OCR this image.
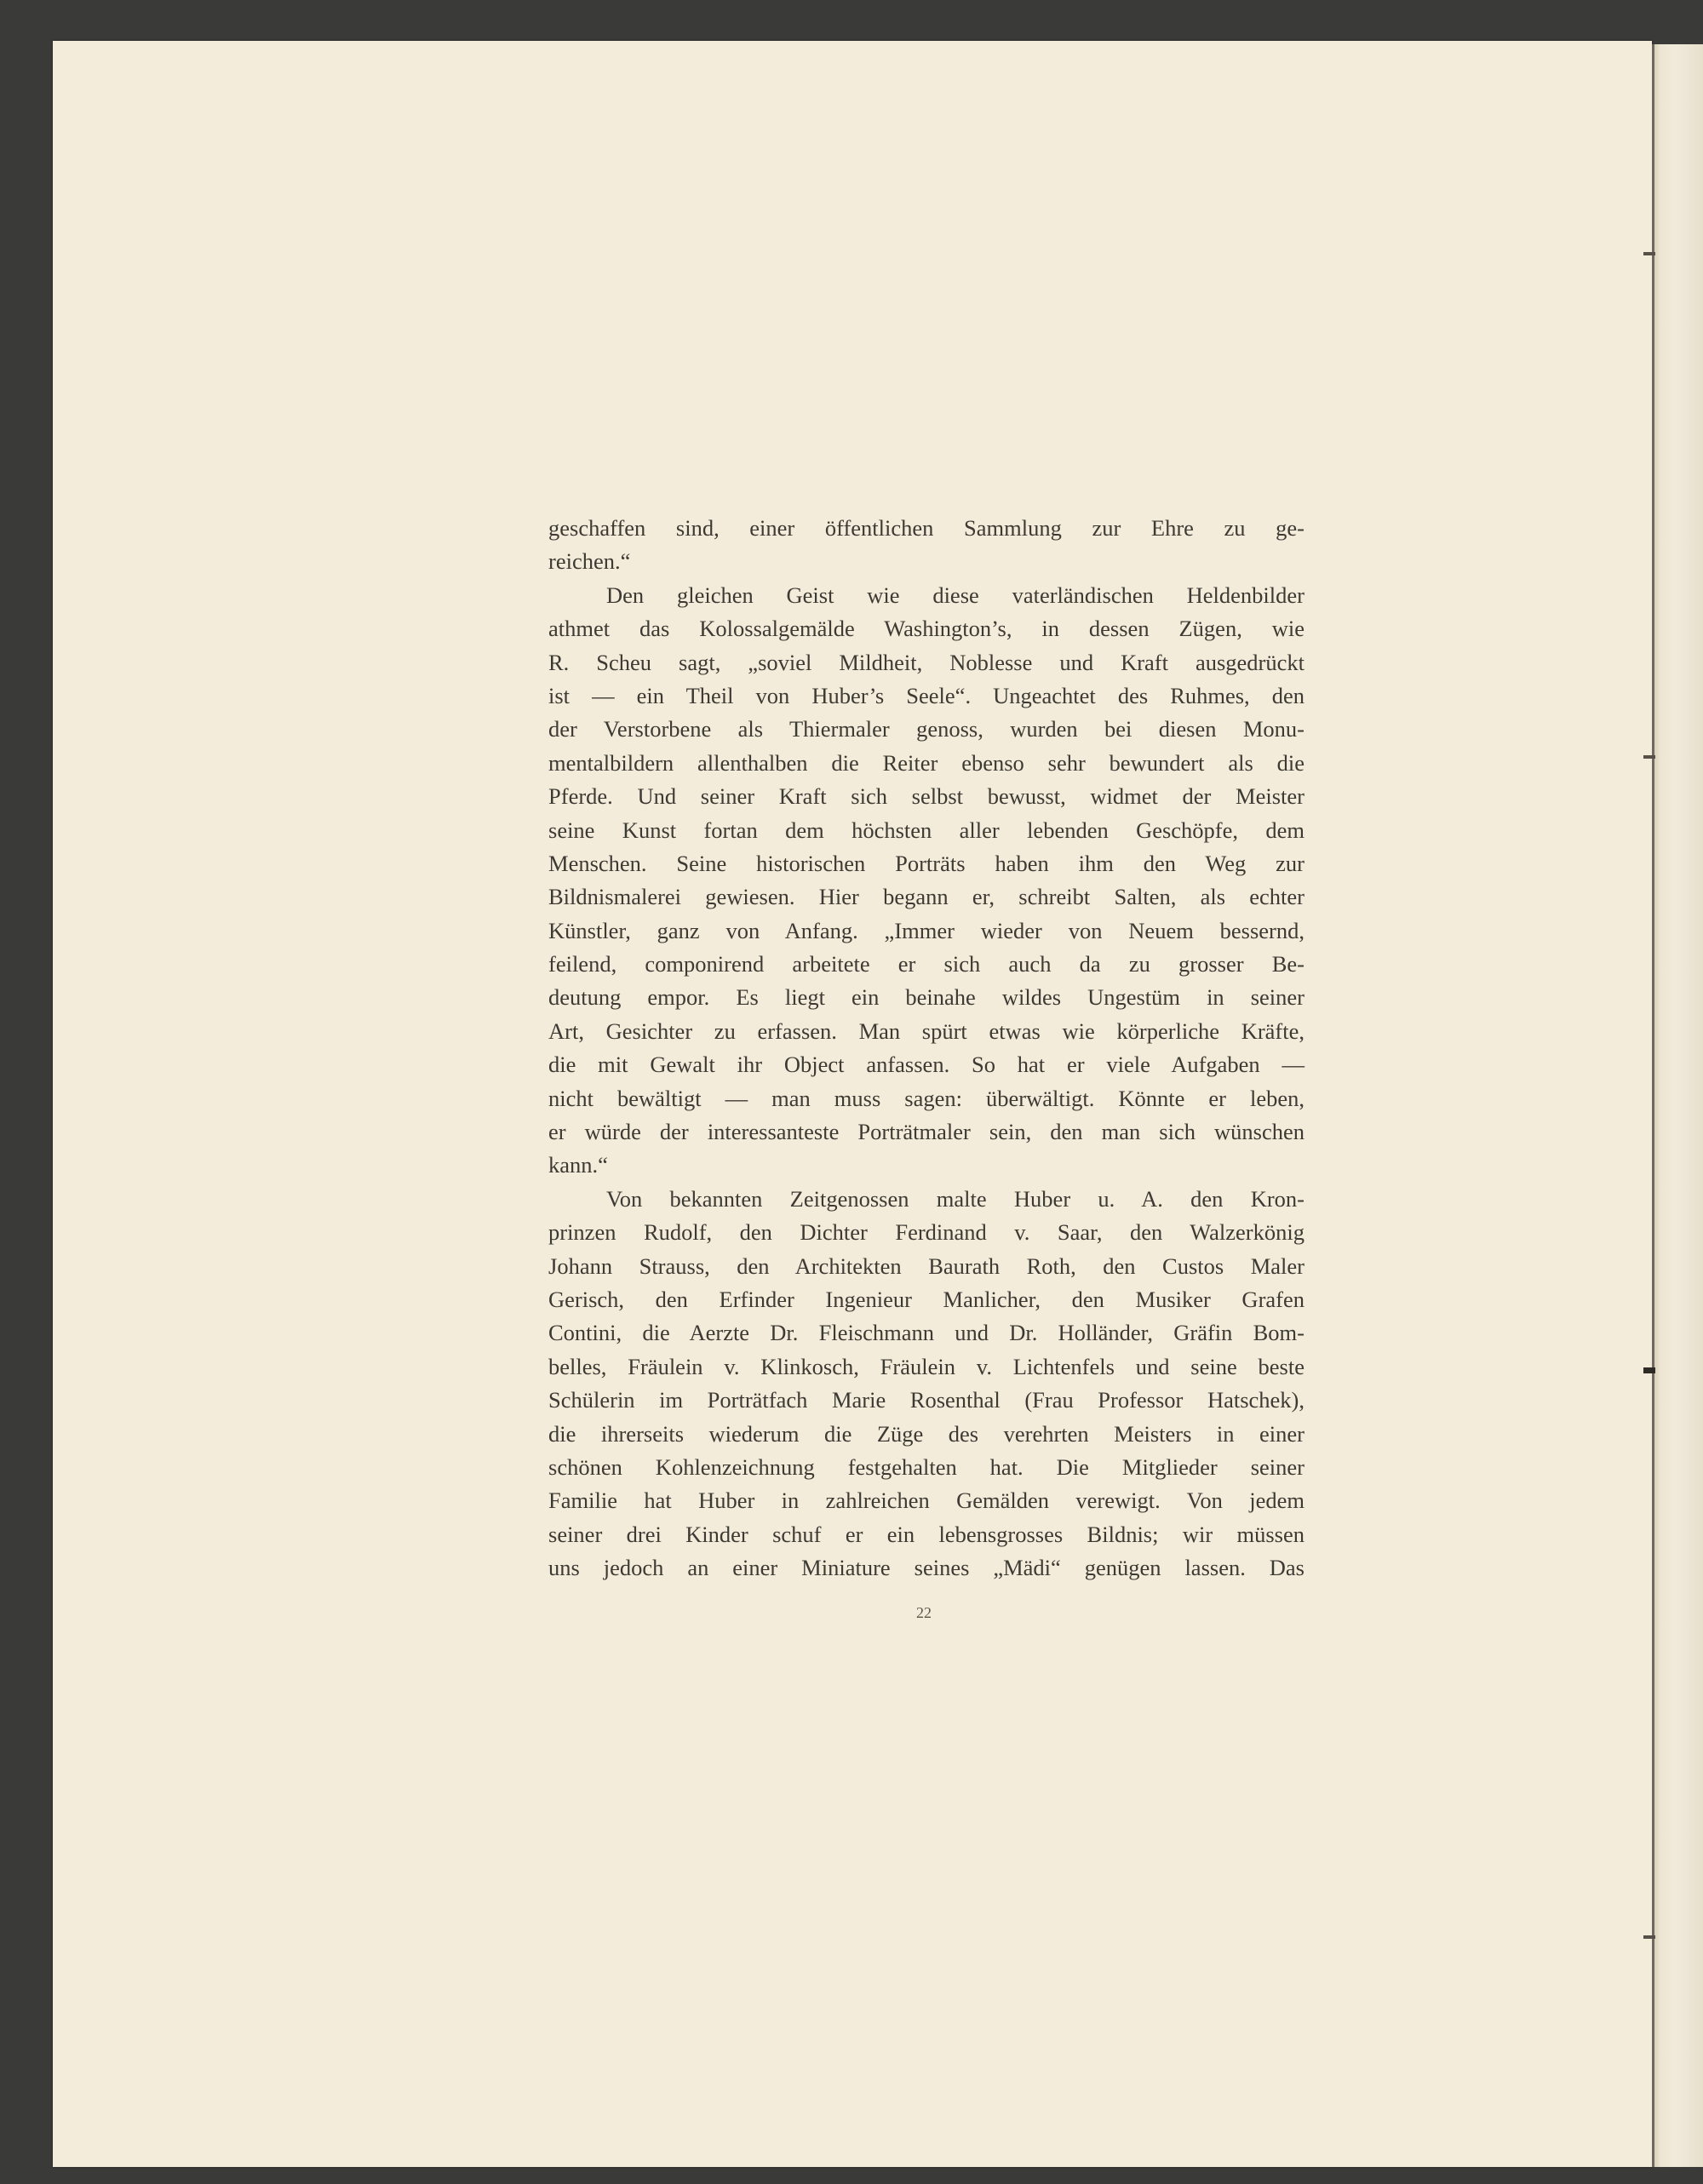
geschaffen sind, einer öffentlichen Sammlung zur Ehre zu ge-
reichen.“
Den gleichen Geist wie diese vaterländischen Heldenbilder
athmet das Kolossalgemälde Washington’s, in dessen Zügen, wie
R. Scheu sagt, „soviel Mildheit, Noblesse und Kraft ausgedrückt
ist — ein Theil von Huber’s Seele“. Ungeachtet des Ruhmes, den
der Verstorbene als Thiermaler genoss, wurden bei diesen Monu-
mentalbildern allenthalben die Reiter ebenso sehr bewundert als die
Pferde. Und seiner Kraft sich selbst bewusst, widmet der Meister
seine Kunst fortan dem höchsten aller lebenden Geschöpfe, dem
Menschen. Seine historischen Porträts haben ihm den Weg zur
Bildnismalerei gewiesen. Hier begann er, schreibt Salten, als echter
Künstler, ganz von Anfang. „Immer wieder von Neuem bessernd,
feilend, componirend arbeitete er sich auch da zu grosser Be-
deutung empor. Es liegt ein beinahe wildes Ungestüm in seiner
Art, Gesichter zu erfassen. Man spürt etwas wie körperliche Kräfte,
die mit Gewalt ihr Object anfassen. So hat er viele Aufgaben —
nicht bewältigt — man muss sagen: überwältigt. Könnte er leben,
er würde der interessanteste Porträtmaler sein, den man sich wünschen
kann.“
Von bekannten Zeitgenossen malte Huber u. A. den Kron-
prinzen Rudolf, den Dichter Ferdinand v. Saar, den Walzerkönig
Johann Strauss, den Architekten Baurath Roth, den Custos Maler
Gerisch, den Erfinder Ingenieur Manlicher, den Musiker Grafen
Contini, die Aerzte Dr. Fleischmann und Dr. Holländer, Gräfin Bom-
belles, Fräulein v. Klinkosch, Fräulein v. Lichtenfels und seine beste
Schülerin im Porträtfach Marie Rosenthal (Frau Professor Hatschek),
die ihrerseits wiederum die Züge des verehrten Meisters in einer
schönen Kohlenzeichnung festgehalten hat. Die Mitglieder seiner
Familie hat Huber in zahlreichen Gemälden verewigt. Von jedem
seiner drei Kinder schuf er ein lebensgrosses Bildnis; wir müssen
uns jedoch an einer Miniature seines „Mädi“ genügen lassen. Das
22
